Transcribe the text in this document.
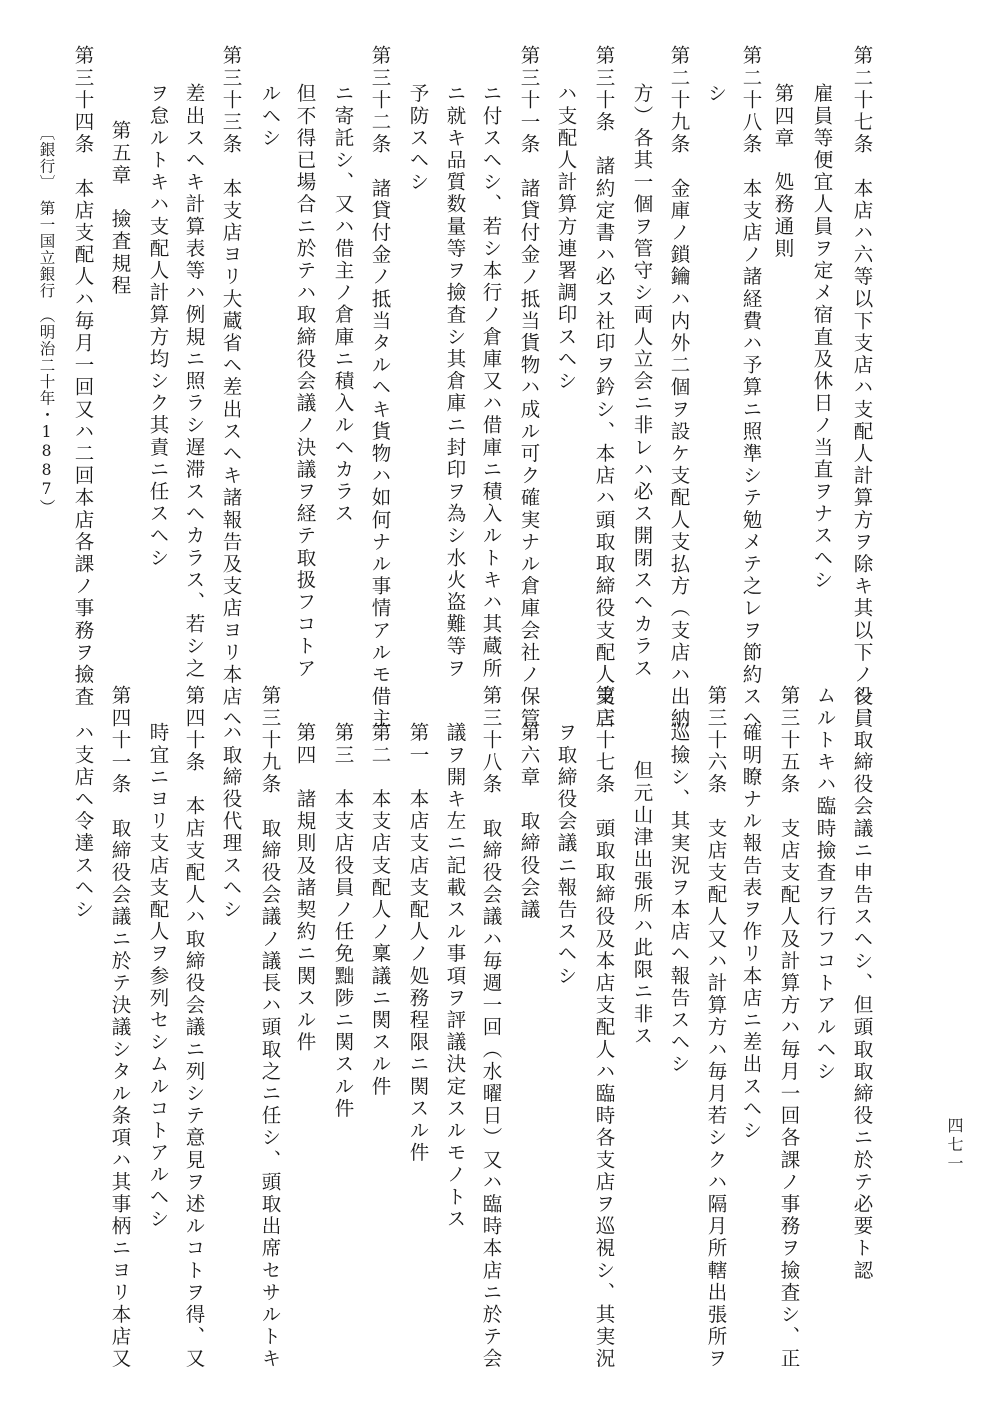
第二十七条　本店ハ六等以下支店ハ支配人計算方ヲ除キ其以下ノ役員
雇員等便宜人員ヲ定メ宿直及休日ノ当直ヲナスヘシ
第四章　処務通則
第二十八条　本支店ノ諸経費ハ予算ニ照準シテ勉メテ之レヲ節約スヘ
シ
第二十九条　金庫ノ鎖鑰ハ内外二個ヲ設ケ支配人支払方（支店ハ出納
方）各其一個ヲ管守シ両人立会ニ非レハ必ス開閉スヘカラス
第三十条　諸約定書ハ必ス社印ヲ鈐シ、本店ハ頭取取締役支配人支店
ハ支配人計算方連署調印スヘシ
第三十一条　諸貸付金ノ抵当貨物ハ成ル可ク確実ナル倉庫会社ノ保管
ニ付スヘシ、若シ本行ノ倉庫又ハ借庫ニ積入ルトキハ其蔵所
ニ就キ品質数量等ヲ撿査シ其倉庫ニ封印ヲ為シ水火盗難等ヲ
予防スヘシ
第三十二条　諸貸付金ノ抵当タルヘキ貨物ハ如何ナル事情アルモ借主
ニ寄託シ、又ハ借主ノ倉庫ニ積入ルヘカラス
但不得已場合ニ於テハ取締役会議ノ決議ヲ経テ取扱フコトア
ルヘシ
第三十三条　本支店ヨリ大蔵省ヘ差出スヘキ諸報告及支店ヨリ本店ヘ
差出スヘキ計算表等ハ例規ニ照ラシ遅滞スヘカラス、若シ之
ヲ怠ルトキハ支配人計算方均シク其責ニ任スヘシ
第五章　撿査規程
第三十四条　本店支配人ハ毎月一回又ハ二回本店各課ノ事務ヲ撿査
シ、取締役会議ニ申告スヘシ、但頭取取締役ニ於テ必要ト認
ムルトキハ臨時撿査ヲ行フコトアルヘシ
第三十五条　支店支配人及計算方ハ毎月一回各課ノ事務ヲ撿査シ、正
確明瞭ナル報告表ヲ作リ本店ニ差出スヘシ
第三十六条　支店支配人又ハ計算方ハ毎月若シクハ隔月所轄出張所ヲ
巡撿シ、其実況ヲ本店ヘ報告スヘシ
但元山津出張所ハ此限ニ非ス
第三十七条　頭取取締役及本店支配人ハ臨時各支店ヲ巡視シ、其実況
ヲ取締役会議ニ報告スヘシ
第六章　取締役会議
第三十八条　取締役会議ハ毎週一回（水曜日）又ハ臨時本店ニ於テ会
議ヲ開キ左ニ記載スル事項ヲ評議決定スルモノトス
第一　本店支店支配人ノ処務程限ニ関スル件
第二　本支店支配人ノ稟議ニ関スル件
第三　本支店役員ノ任免黜陟ニ関スル件
第四　諸規則及諸契約ニ関スル件
第三十九条　取締役会議ノ議長ハ頭取之ニ任シ、頭取出席セサルトキ
ハ取締役代理スヘシ
第四十条　本店支配人ハ取締役会議ニ列シテ意見ヲ述ルコトヲ得、又
時宜ニヨリ支店支配人ヲ参列セシムルコトアルヘシ
第四十一条　取締役会議ニ於テ決議シタル条項ハ其事柄ニヨリ本店又
ハ支店ヘ令達スヘシ
〔銀行〕　第一国立銀行　（明治二十年・1887）
四七一
